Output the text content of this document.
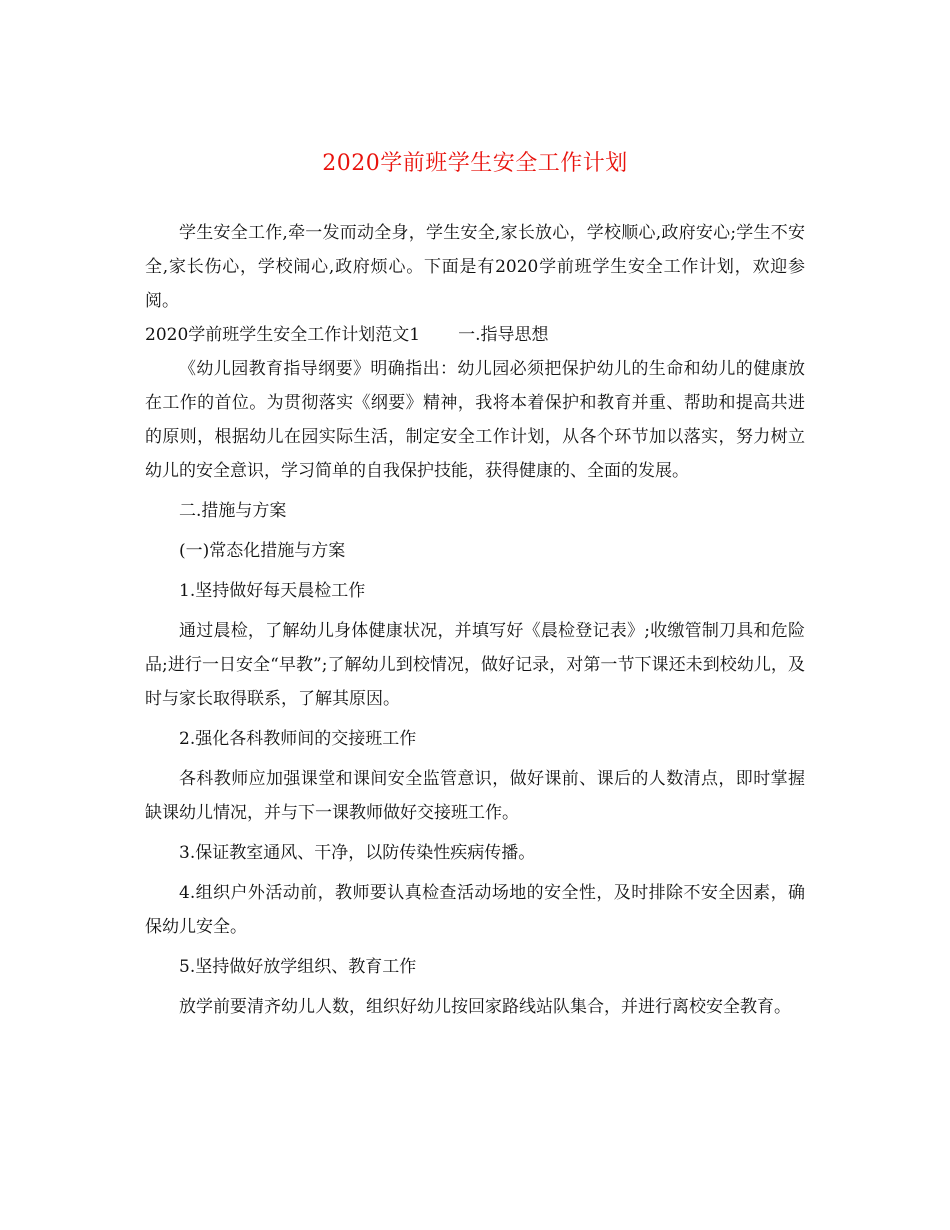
2020学前班学生安全工作计划

学生安全工作,牵一发而动全身，学生安全,家长放心，学校顺心,政府安心;学生不安全,家长伤心，学校闹心,政府烦心。下面是有2020学前班学生安全工作计划，欢迎参阅。

2020学前班学生安全工作计划范文1 一.指导思想

《幼儿园教育指导纲要》明确指出：幼儿园必须把保护幼儿的生命和幼儿的健康放在工作的首位。为贯彻落实《纲要》精神，我将本着保护和教育并重、帮助和提高共进的原则，根据幼儿在园实际生活，制定安全工作计划，从各个环节加以落实，努力树立幼儿的安全意识，学习简单的自我保护技能，获得健康的、全面的发展。

二.措施与方案

(一)常态化措施与方案

1.坚持做好每天晨检工作

通过晨检，了解幼儿身体健康状况，并填写好《晨检登记表》;收缴管制刀具和危险品;进行一日安全“早教”;了解幼儿到校情况，做好记录，对第一节下课还未到校幼儿，及时与家长取得联系，了解其原因。

2.强化各科教师间的交接班工作

各科教师应加强课堂和课间安全监管意识，做好课前、课后的人数清点，即时掌握缺课幼儿情况，并与下一课教师做好交接班工作。

3.保证教室通风、干净，以防传染性疾病传播。

4.组织户外活动前，教师要认真检查活动场地的安全性，及时排除不安全因素，确保幼儿安全。

5.坚持做好放学组织、教育工作

放学前要清齐幼儿人数，组织好幼儿按回家路线站队集合，并进行离校安全教育。
